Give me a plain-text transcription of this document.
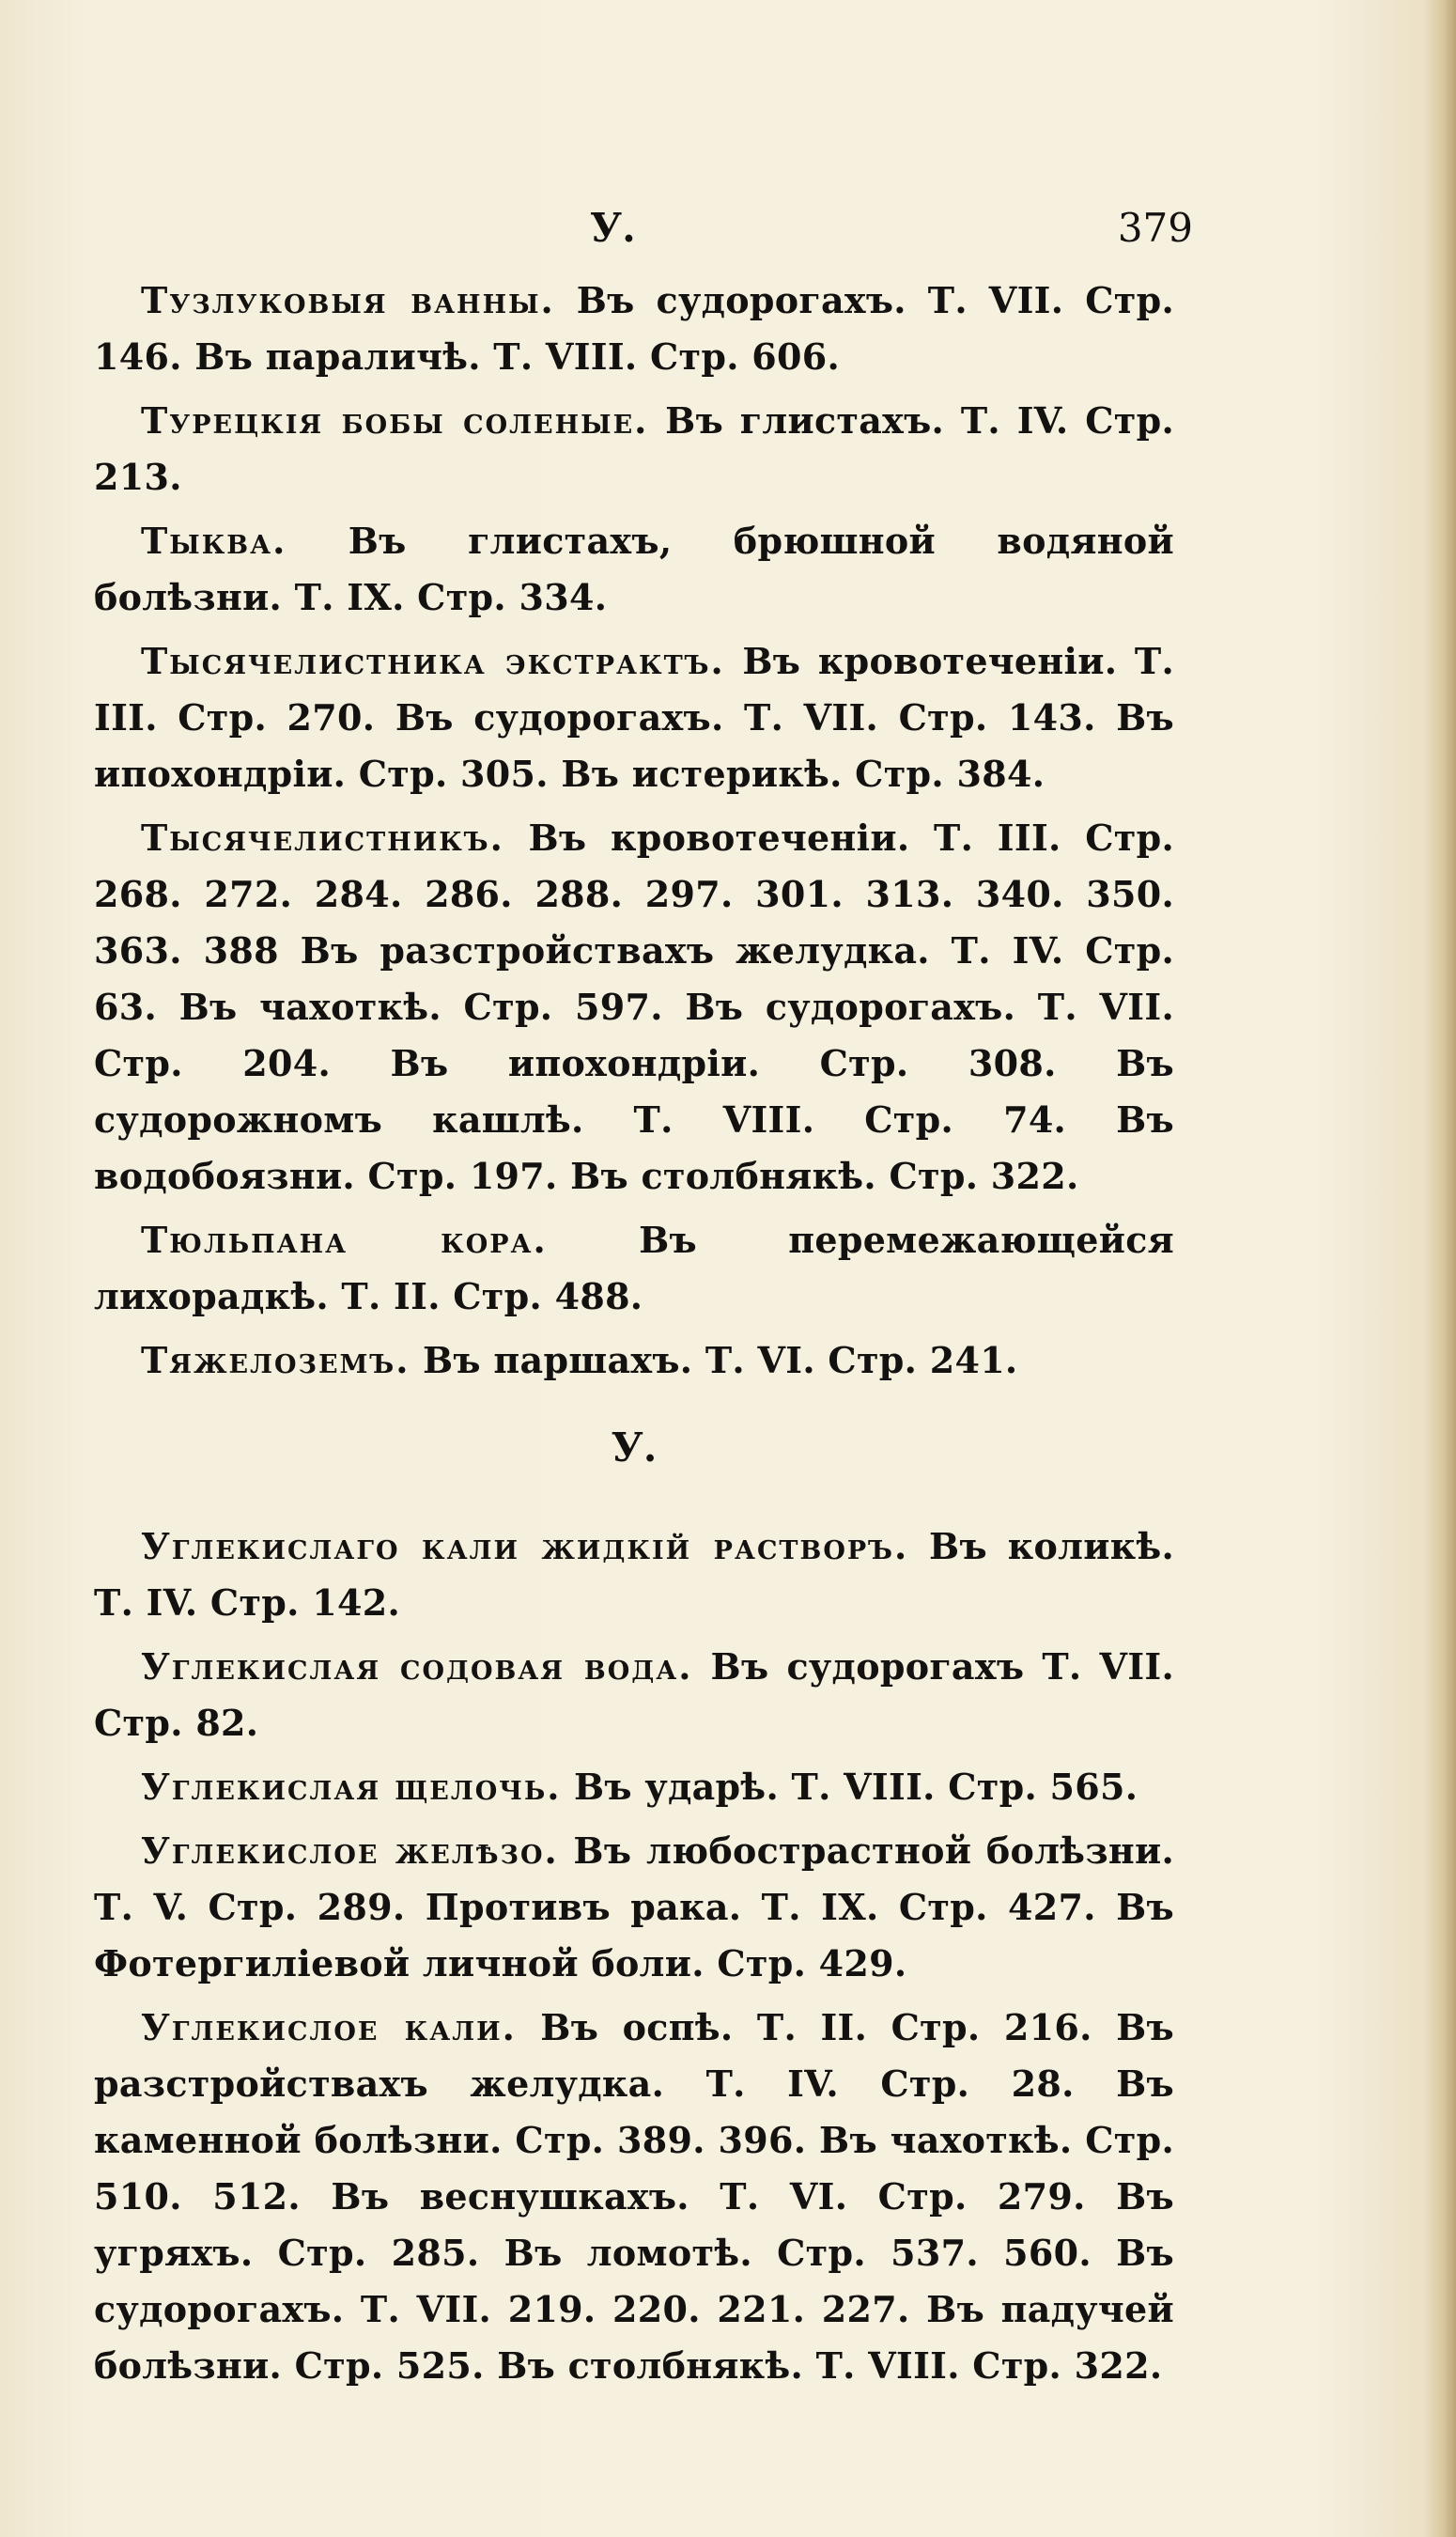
У.	379

Тузлуковыя ванны. Въ судорогахъ. Т. VII. Стр. 146. Въ параличѣ. Т. VIII. Стр. 606.

Турецкія бобы соленые. Въ глистахъ. Т. IV. Стр. 213.

Тыква. Въ глистахъ, брюшной водяной болѣзни. Т. IX. Стр. 334.

Тысячелистника экстрактъ. Въ кровотеченіи. Т. III. Стр. 270. Въ судорогахъ. Т. VII. Стр. 143. Въ ипохондріи. Стр. 305. Въ истерикѣ. Стр. 384.

Тысячелистникъ. Въ кровотеченіи. Т. III. Стр. 268. 272. 284. 286. 288. 297. 301. 313. 340. 350. 363. 388 Въ разстройствахъ желудка. Т. IV. Стр. 63. Въ чахоткѣ. Стр. 597. Въ судорогахъ. Т. VII. Стр. 204. Въ ипохондріи. Стр. 308. Въ судорожномъ кашлѣ. Т. VIII. Стр. 74. Въ водобоязни. Стр. 197. Въ столбнякѣ. Стр. 322.

Тюльпана кора. Въ перемежающейся лихорадкѣ. Т. II. Стр. 488.

Тяжелоземъ. Въ паршахъ. Т. VI. Стр. 241.

У.

Углекислаго кали жидкій растворъ. Въ коликѣ. Т. IV. Стр. 142.

Углекислая содовая вода. Въ судорогахъ Т. VII. Стр. 82.

Углекислая щелочь. Въ ударѣ. Т. VIII. Стр. 565.

Углекислое желѣзо. Въ любострастной болѣзни. Т. V. Стр. 289. Противъ рака. Т. IX. Стр. 427. Въ Фотергиліевой личной боли. Стр. 429.

Углекислое кали. Въ оспѣ. Т. II. Стр. 216. Въ разстройствахъ желудка. Т. IV. Стр. 28. Въ каменной болѣзни. Стр. 389. 396. Въ чахоткѣ. Стр. 510. 512. Въ веснушкахъ. Т. VI. Стр. 279. Въ угряхъ. Стр. 285. Въ ломотѣ. Стр. 537. 560. Въ судорогахъ. Т. VII. 219. 220. 221. 227. Въ падучей болѣзни. Стр. 525. Въ столбнякѣ. Т. VIII. Стр. 322.
